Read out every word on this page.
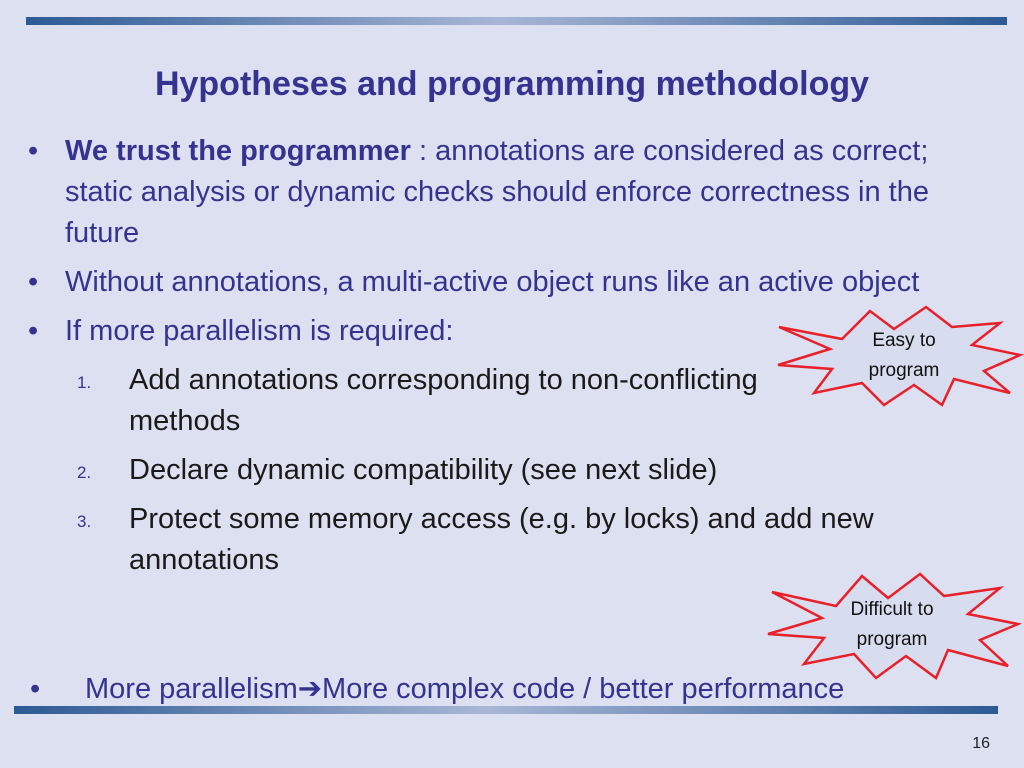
Hypotheses and programming methodology
• We trust the programmer : annotations are considered as correct; static analysis or dynamic checks should enforce correctness in the future
• Without annotations, a multi-active object runs like an active object
• If more parallelism is required:
1. Add annotations corresponding to non-conflicting methods
2. Declare dynamic compatibility (see next slide)
3. Protect some memory access (e.g. by locks) and add new annotations
Easy to
program
Difficult to
program
• More parallelism➔More complex code / better performance
16
